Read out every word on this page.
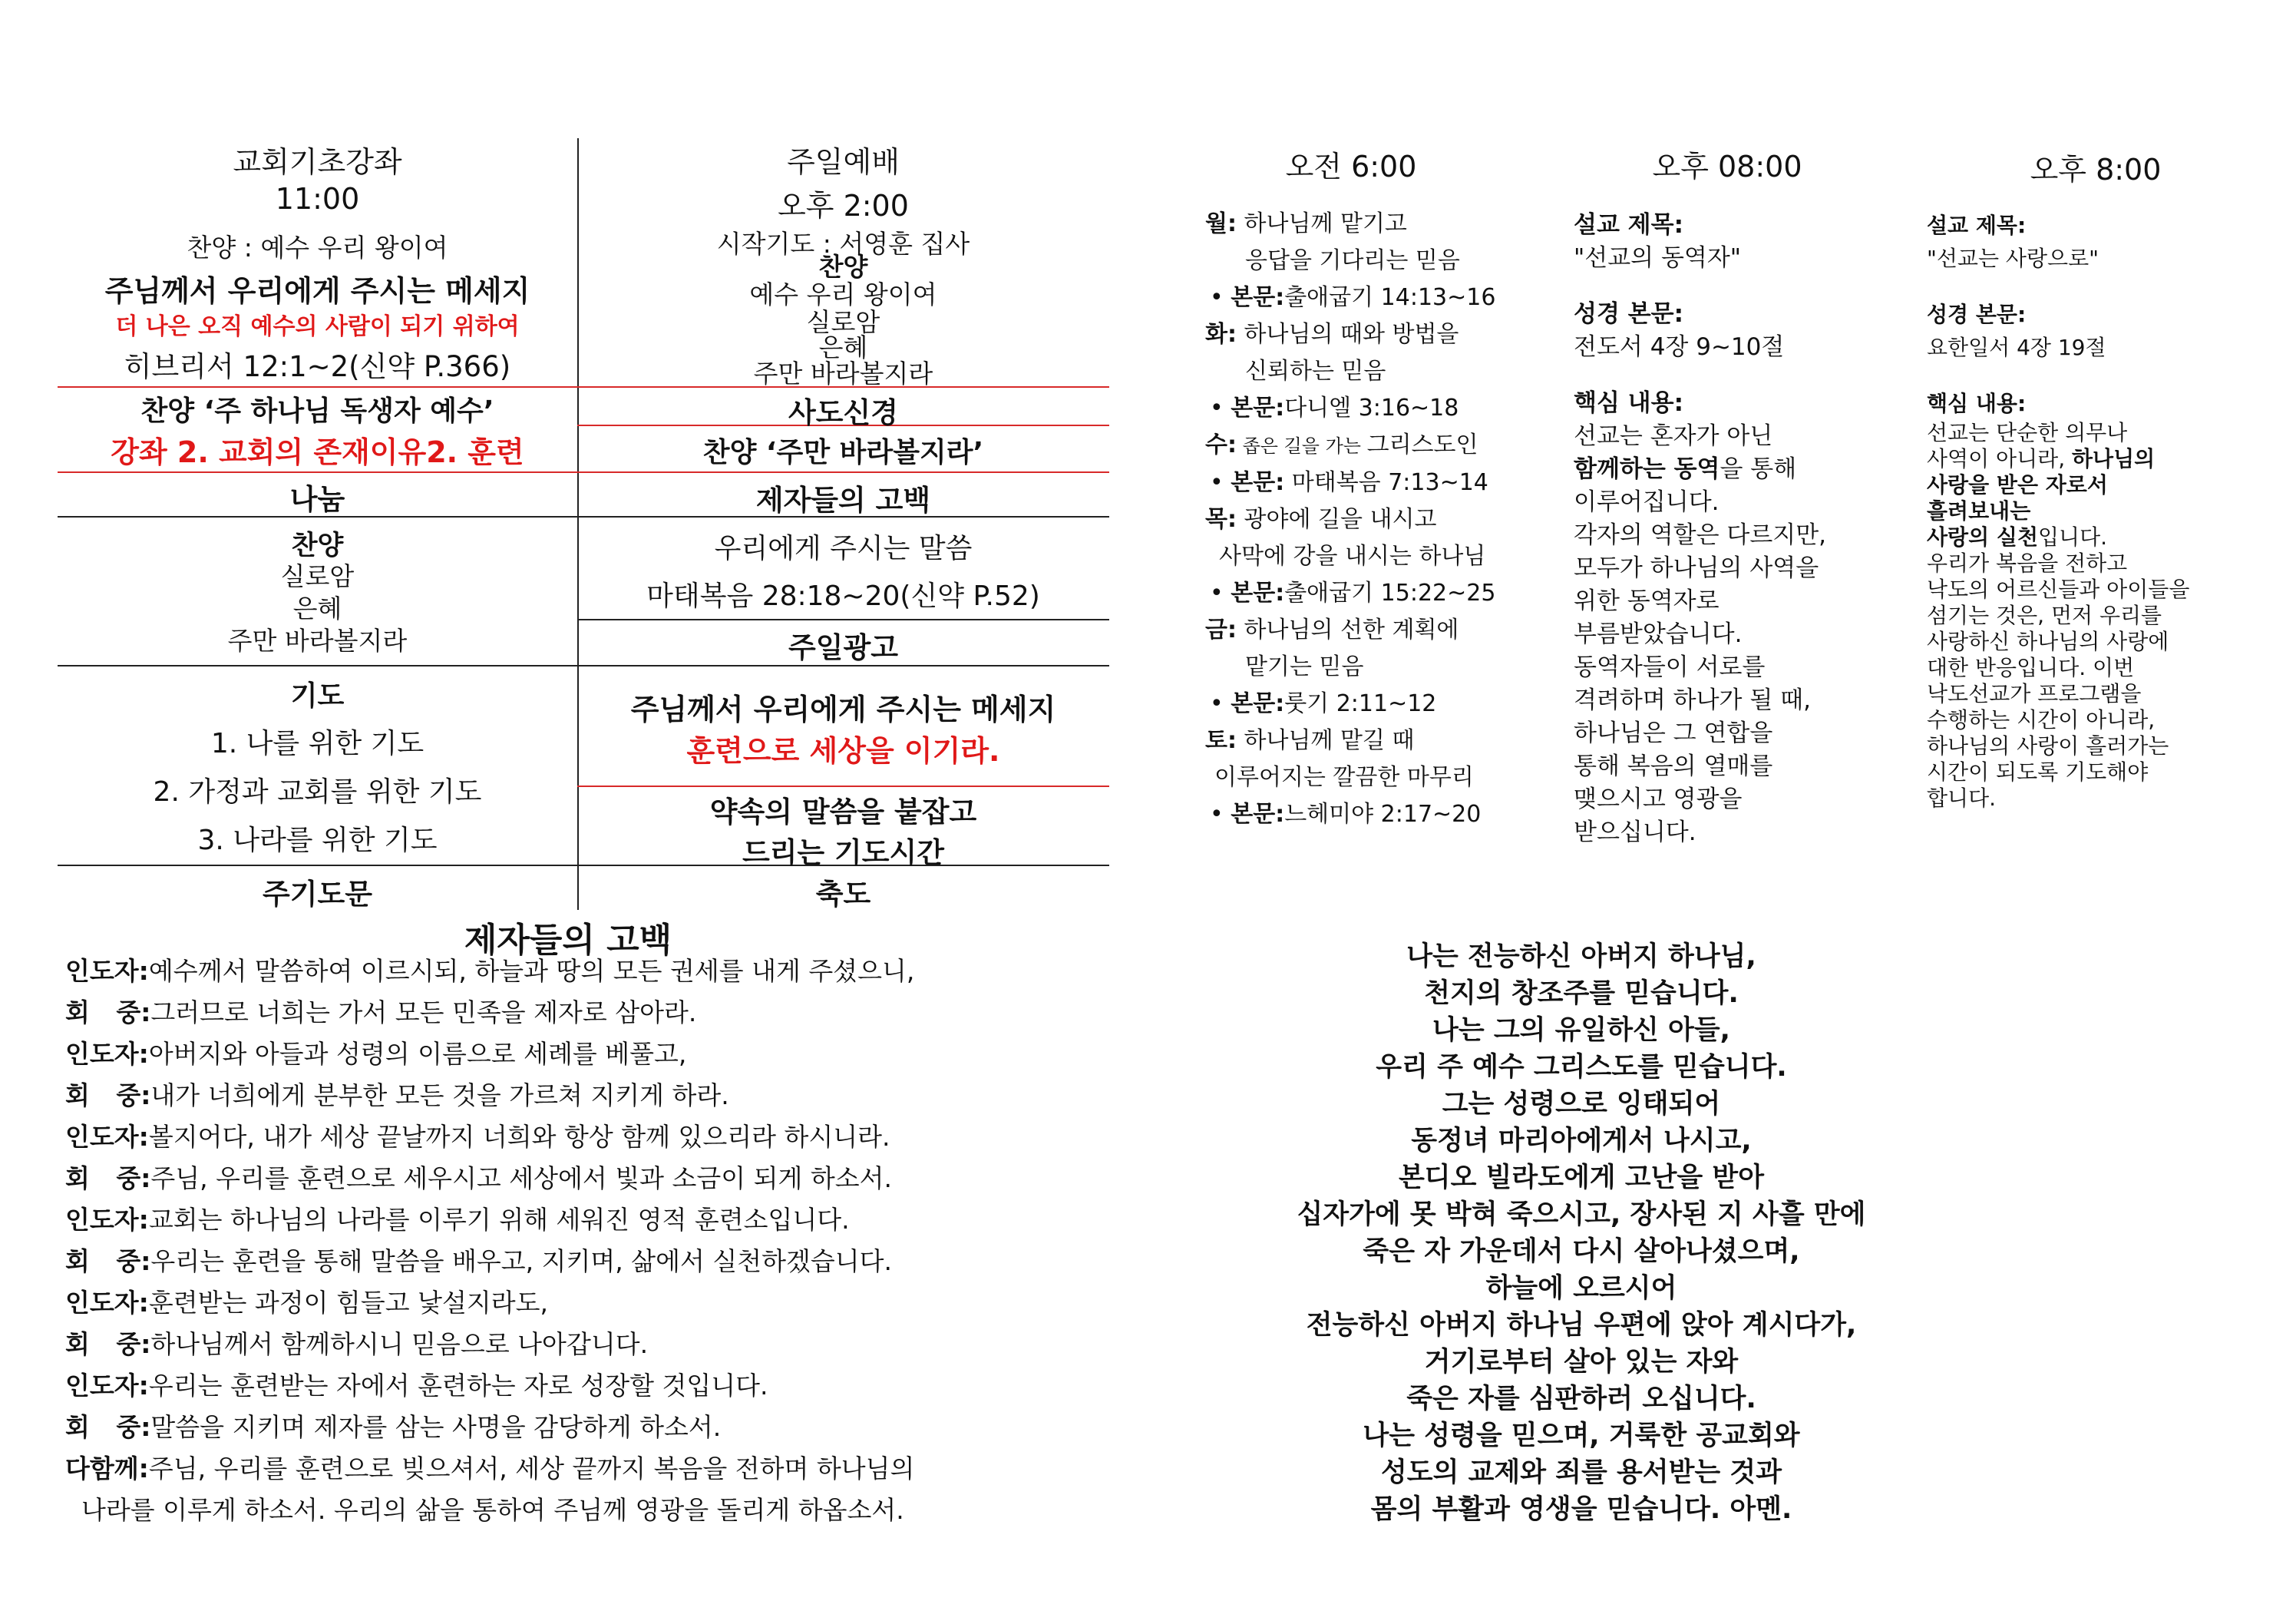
교회기초강좌
11:00
찬양 : 예수 우리 왕이여
주님께서 우리에게 주시는 메세지
더 나은 오직 예수의 사람이 되기 위하여
히브리서 12:1~2(신약 P.366)
찬양 ‘주 하나님 독생자 예수’
강좌 2. 교회의 존재이유2. 훈련
나눔
찬양
실로암
은혜
주만 바라볼지라
기도
1. 나를 위한 기도
2. 가정과 교회를 위한 기도
3. 나라를 위한 기도
주기도문
주일예배
오후 2:00
시작기도 : 서영훈 집사
찬양
예수 우리 왕이여
실로암
은혜
주만 바라볼지라
사도신경
찬양 ‘주만 바라볼지라’
제자들의 고백
우리에게 주시는 말씀
마태복음 28:18~20(신약 P.52)
주일광고
주님께서 우리에게 주시는 메세지
훈련으로 세상을 이기라.
약속의 말씀을 붙잡고
드리는 기도시간
축도
오전 6:00	오후 08:00	오후 8:00

월: 하나님께 맡기고

응답을 기다리는 믿음

• 본문:출애굽기 14:13~16

화: 하나님의 때와 방법을

신뢰하는 믿음

• 본문:다니엘 3:16~18

수: 좁은 길을 가는 그리스도인

• 본문: 마태복음 7:13~14

목: 광야에 길을 내시고

사막에 강을 내시는 하나님

• 본문:출애굽기 15:22~25

금: 하나님의 선한 계획에

맡기는 믿음

• 본문:룻기 2:11~12

토: 하나님께 맡길 때

이루어지는 깔끔한 마무리

• 본문:느헤미야 2:17~20

설교 제목:

"선교의 동역자"

성경 본문:

전도서 4장 9~10절

핵심 내용:

선교는 혼자가 아닌

함께하는 동역을 통해

이루어집니다.

각자의 역할은 다르지만,

모두가 하나님의 사역을

위한 동역자로

부름받았습니다.

동역자들이 서로를

격려하며 하나가 될 때,

하나님은 그 연합을

통해 복음의 열매를

맺으시고 영광을

받으십니다.

설교 제목:

"선교는 사랑으로"

성경 본문:

요한일서 4장 19절

핵심 내용:

선교는 단순한 의무나

사역이 아니라, 하나님의

사랑을 받은 자로서

흘려보내는

사랑의 실천입니다.

우리가 복음을 전하고

낙도의 어르신들과 아이들을

섬기는 것은, 먼저 우리를

사랑하신 하나님의 사랑에

대한 반응입니다. 이번

낙도선교가 프로그램을

수행하는 시간이 아니라,

하나님의 사랑이 흘러가는

시간이 되도록 기도해야

합니다.

제자들의 고백
인도자:예수께서 말씀하여 이르시되, 하늘과 땅의 모든 권세를 내게 주셨으니,
회   중:그러므로 너희는 가서 모든 민족을 제자로 삼아라.
인도자:아버지와 아들과 성령의 이름으로 세례를 베풀고,
회   중:내가 너희에게 분부한 모든 것을 가르쳐 지키게 하라.
인도자:볼지어다, 내가 세상 끝날까지 너희와 항상 함께 있으리라 하시니라.
회   중:주님, 우리를 훈련으로 세우시고 세상에서 빛과 소금이 되게 하소서.
인도자:교회는 하나님의 나라를 이루기 위해 세워진 영적 훈련소입니다.
회   중:우리는 훈련을 통해 말씀을 배우고, 지키며, 삶에서 실천하겠습니다.
인도자:훈련받는 과정이 힘들고 낯설지라도,
회   중:하나님께서 함께하시니 믿음으로 나아갑니다.
인도자:우리는 훈련받는 자에서 훈련하는 자로 성장할 것입니다.
회   중:말씀을 지키며 제자를 삼는 사명을 감당하게 하소서.
다함께:주님, 우리를 훈련으로 빚으셔서, 세상 끝까지 복음을 전하며 하나님의
나라를 이루게 하소서. 우리의 삶을 통하여 주님께 영광을 돌리게 하옵소서.
나는 전능하신 아버지 하나님,
천지의 창조주를 믿습니다.
나는 그의 유일하신 아들,
우리 주 예수 그리스도를 믿습니다.
그는 성령으로 잉태되어
동정녀 마리아에게서 나시고,
본디오 빌라도에게 고난을 받아
십자가에 못 박혀 죽으시고, 장사된 지 사흘 만에
죽은 자 가운데서 다시 살아나셨으며,
하늘에 오르시어
전능하신 아버지 하나님 우편에 앉아 계시다가,
거기로부터 살아 있는 자와
죽은 자를 심판하러 오십니다.
나는 성령을 믿으며, 거룩한 공교회와
성도의 교제와 죄를 용서받는 것과
몸의 부활과 영생을 믿습니다. 아멘.
